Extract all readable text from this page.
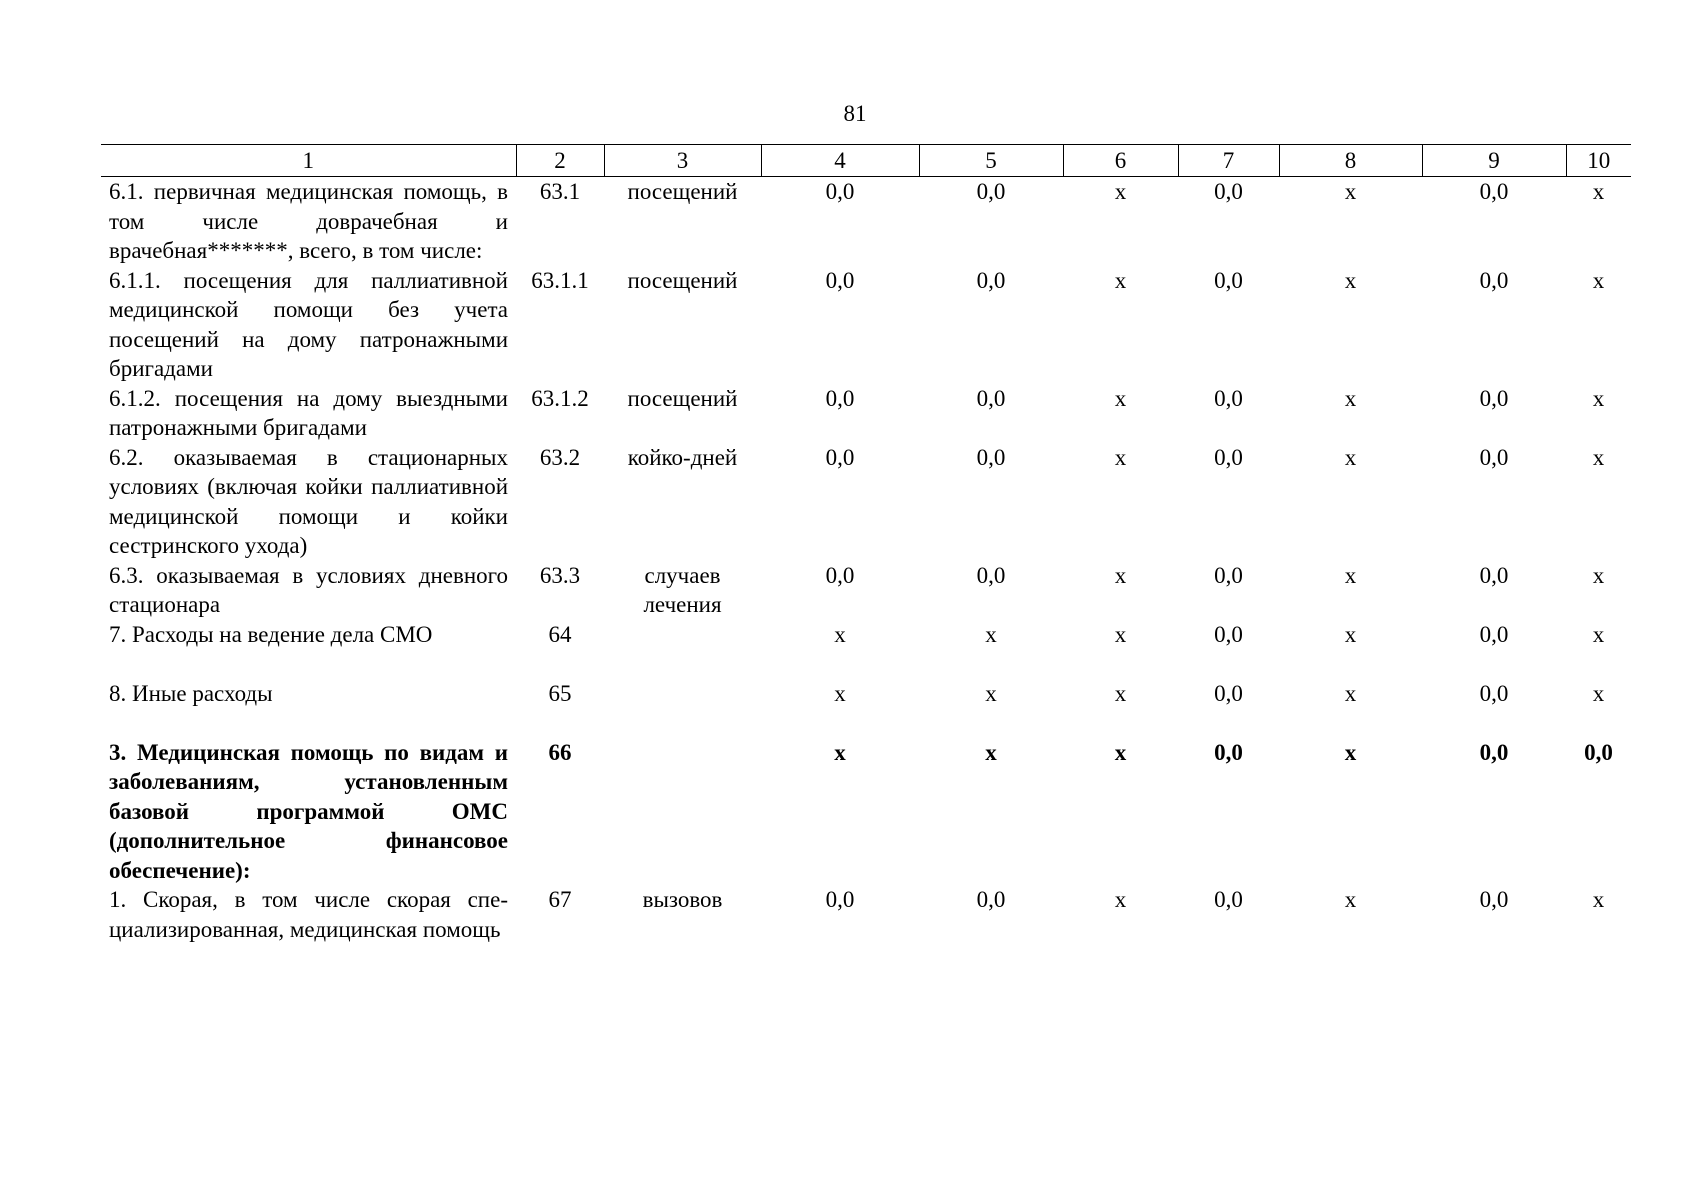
81
1	2	3	4	5	6	7	8	9	10
6.1. первичная медицинская помощь, в том числе доврачебная и врачебная*******, всего, в том числе:	63.1	посещений	0,0	0,0	х	0,0	х	0,0	х
6.1.1. посещения для паллиативной медицинской помощи без учета посещений на дому патронажными бригадами	63.1.1	посещений	0,0	0,0	х	0,0	х	0,0	х
6.1.2. посещения на дому выездными патронажными бригадами	63.1.2	посещений	0,0	0,0	х	0,0	х	0,0	х
6.2. оказываемая в стационарных условиях (включая койки паллиативной медицинской помощи и койки сестринского ухода)	63.2	койко-дней	0,0	0,0	х	0,0	х	0,0	х
6.3. оказываемая в условиях дневного стационара	63.3	случаев лечения	0,0	0,0	х	0,0	х	0,0	х
7. Расходы на ведение дела СМО	64		х	х	х	0,0	х	0,0	х
8. Иные расходы	65		х	х	х	0,0	х	0,0	х
3. Медицинская помощь по видам и заболеваниям, установленным базовой программой ОМС (дополнительное финансовое обеспечение):	66		х	х	х	0,0	х	0,0	0,0
1. Скорая, в том числе скорая специализированная, медицинская помощь	67	вызовов	0,0	0,0	х	0,0	х	0,0	х
